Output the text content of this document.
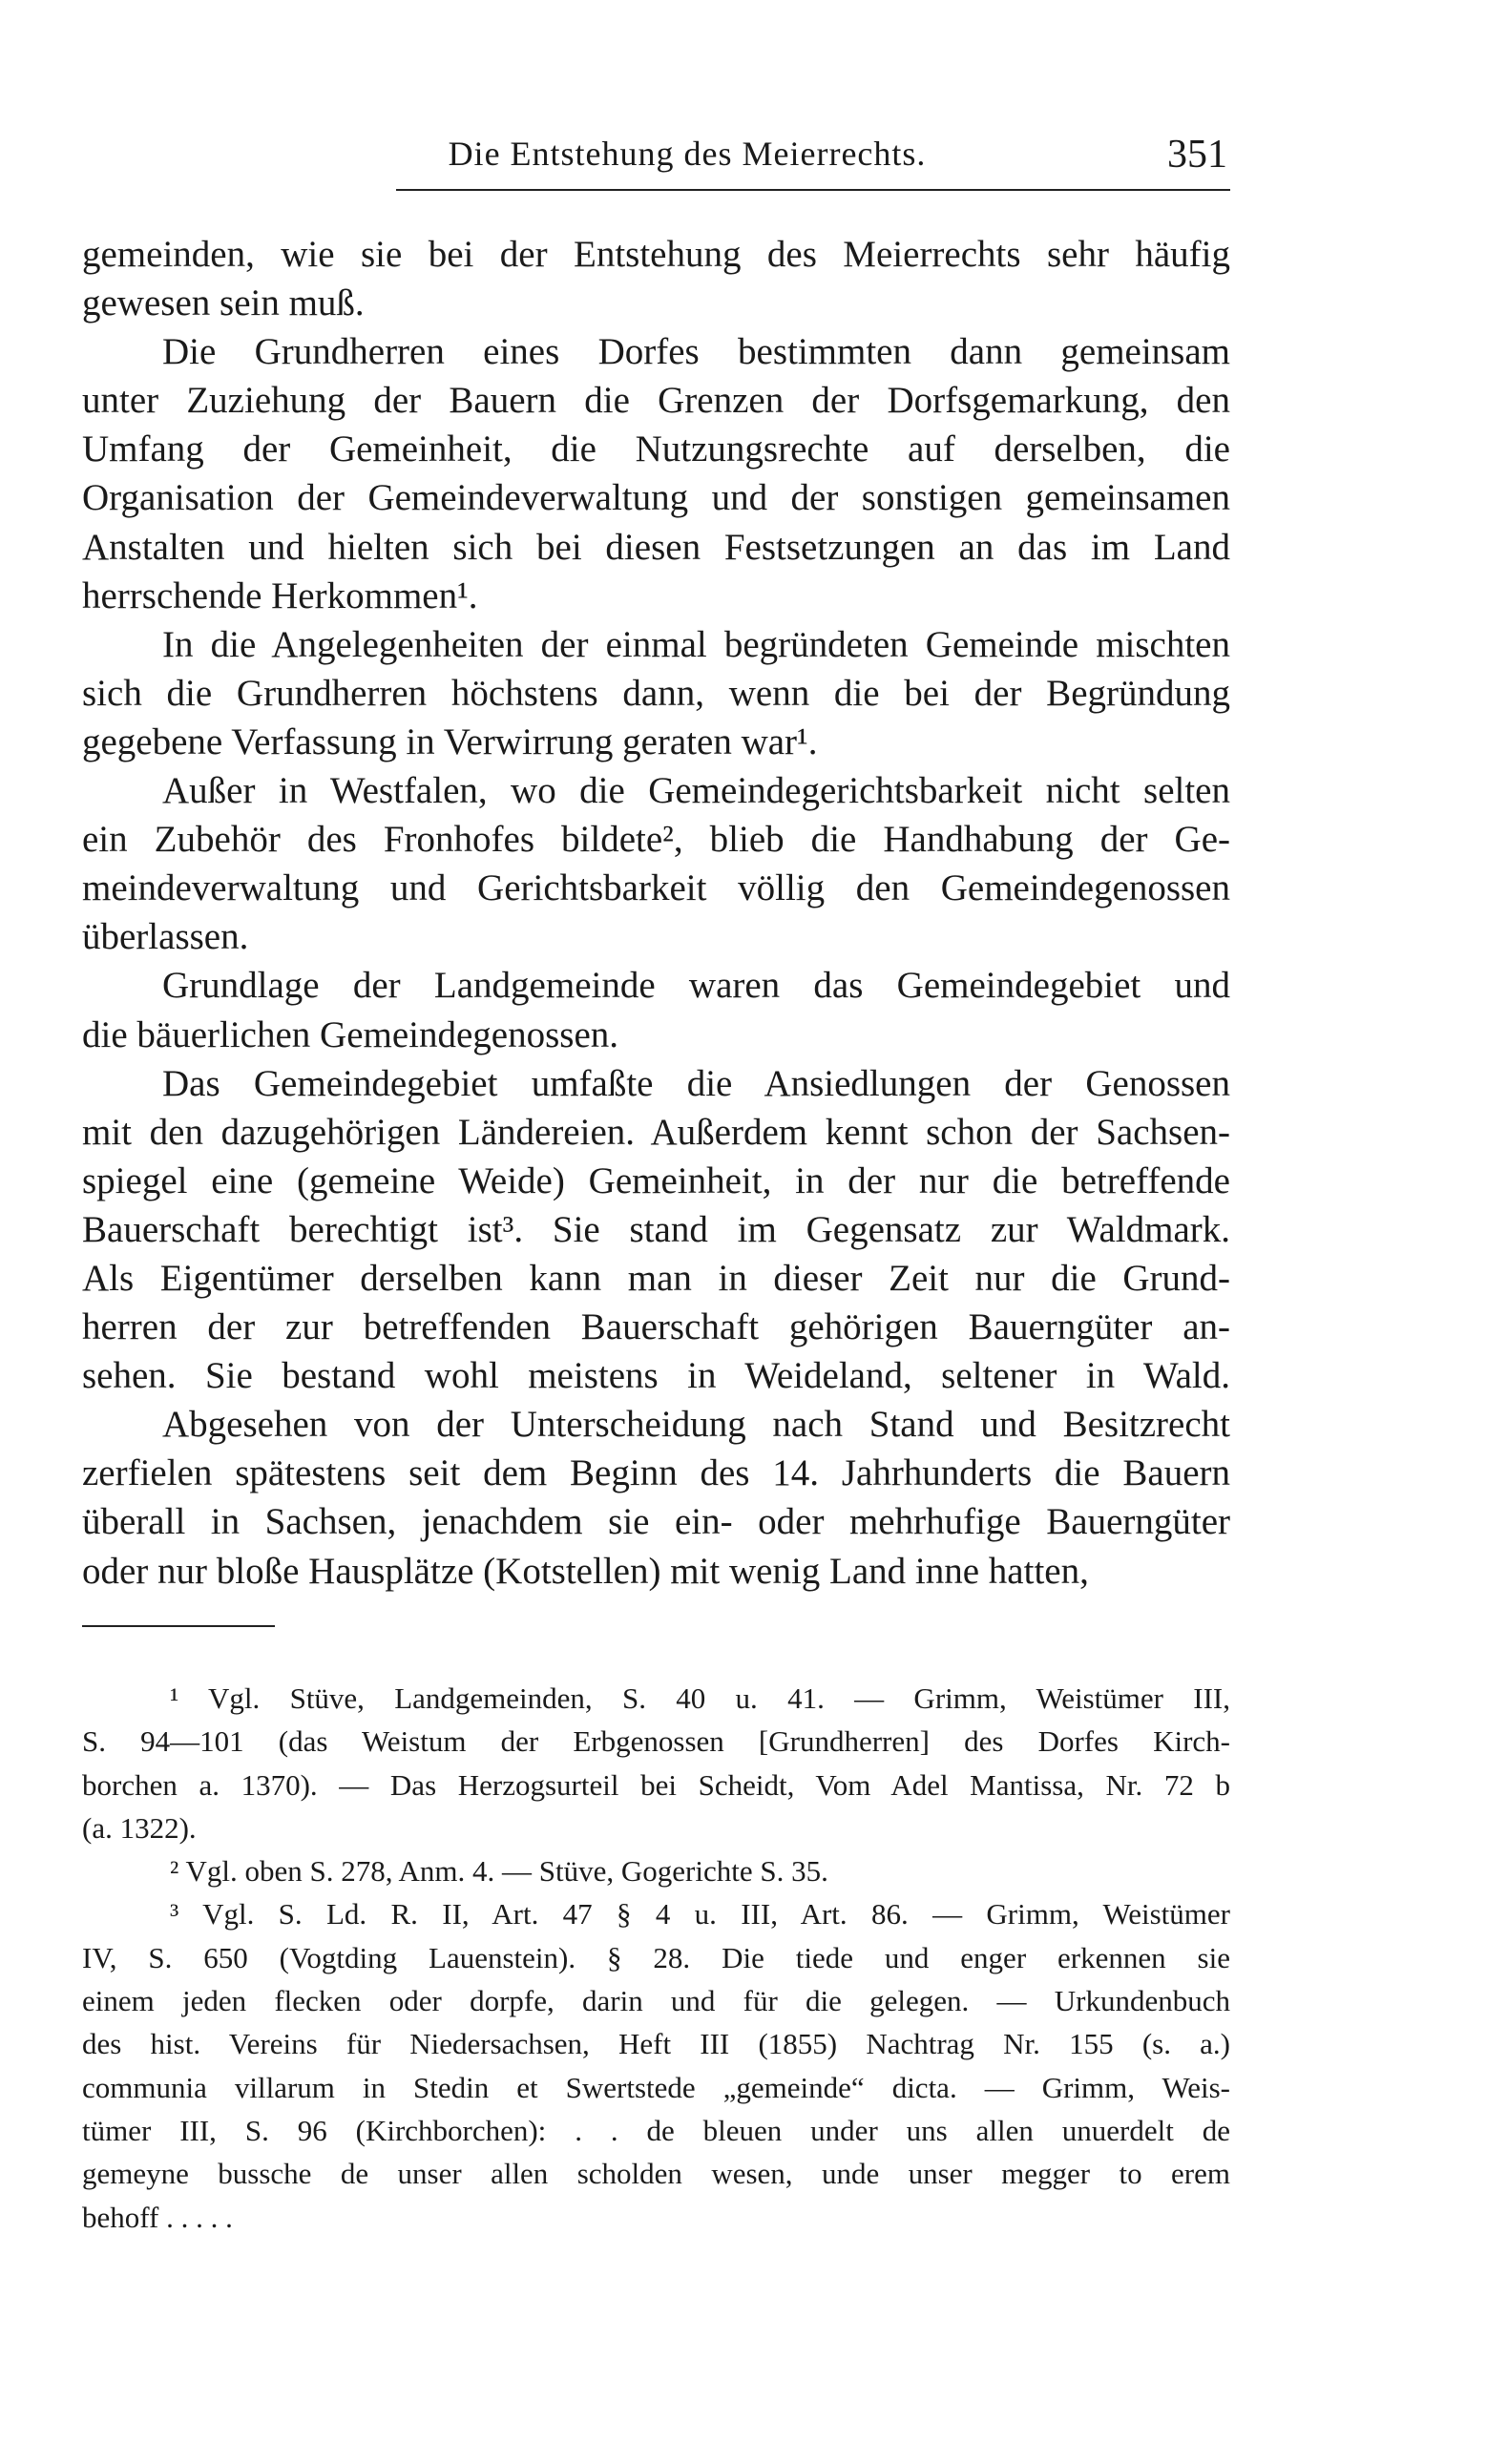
Die Entstehung des Meierrechts.	351
gemeinden, wie sie bei der Entstehung des Meierrechts sehr häufig
gewesen sein muß.
Die Grundherren eines Dorfes bestimmten dann gemeinsam
unter Zuziehung der Bauern die Grenzen der Dorfsgemarkung, den
Umfang der Gemeinheit, die Nutzungsrechte auf derselben, die
Organisation der Gemeindeverwaltung und der sonstigen gemeinsamen
Anstalten und hielten sich bei diesen Festsetzungen an das im Land
herrschende Herkommen¹.
In die Angelegenheiten der einmal begründeten Gemeinde mischten
sich die Grundherren höchstens dann, wenn die bei der Begründung
gegebene Verfassung in Verwirrung geraten war¹.
Außer in Westfalen, wo die Gemeindegerichtsbarkeit nicht selten
ein Zubehör des Fronhofes bildete², blieb die Handhabung der Ge-
meindeverwaltung und Gerichtsbarkeit völlig den Gemeindegenossen
überlassen.
Grundlage der Landgemeinde waren das Gemeindegebiet und
die bäuerlichen Gemeindegenossen.
Das Gemeindegebiet umfaßte die Ansiedlungen der Genossen
mit den dazugehörigen Ländereien. Außerdem kennt schon der Sachsen-
spiegel eine (gemeine Weide) Gemeinheit, in der nur die betreffende
Bauerschaft berechtigt ist³. Sie stand im Gegensatz zur Waldmark.
Als Eigentümer derselben kann man in dieser Zeit nur die Grund-
herren der zur betreffenden Bauerschaft gehörigen Bauerngüter an-
sehen. Sie bestand wohl meistens in Weideland, seltener in Wald.
Abgesehen von der Unterscheidung nach Stand und Besitzrecht
zerfielen spätestens seit dem Beginn des 14. Jahrhunderts die Bauern
überall in Sachsen, jenachdem sie ein- oder mehrhufige Bauerngüter
oder nur bloße Hausplätze (Kotstellen) mit wenig Land inne hatten,
¹ Vgl. Stüve, Landgemeinden, S. 40 u. 41. — Grimm, Weistümer III,
S. 94—101 (das Weistum der Erbgenossen [Grundherren] des Dorfes Kirch-
borchen a. 1370). — Das Herzogsurteil bei Scheidt, Vom Adel Mantissa, Nr. 72 b
(a. 1322).
² Vgl. oben S. 278, Anm. 4. — Stüve, Gogerichte S. 35.
³ Vgl. S. Ld. R. II, Art. 47 § 4 u. III, Art. 86. — Grimm, Weistümer
IV, S. 650 (Vogtding Lauenstein). § 28. Die tiede und enger erkennen sie
einem jeden flecken oder dorpfe, darin und für die gelegen. — Urkundenbuch
des hist. Vereins für Niedersachsen, Heft III (1855) Nachtrag Nr. 155 (s. a.)
communia villarum in Stedin et Swertstede „gemeinde“ dicta. — Grimm, Weis-
tümer III, S. 96 (Kirchborchen): . . de bleuen under uns allen unuerdelt de
gemeyne bussche de unser allen scholden wesen, unde unser megger to erem
behoff . . . . .
